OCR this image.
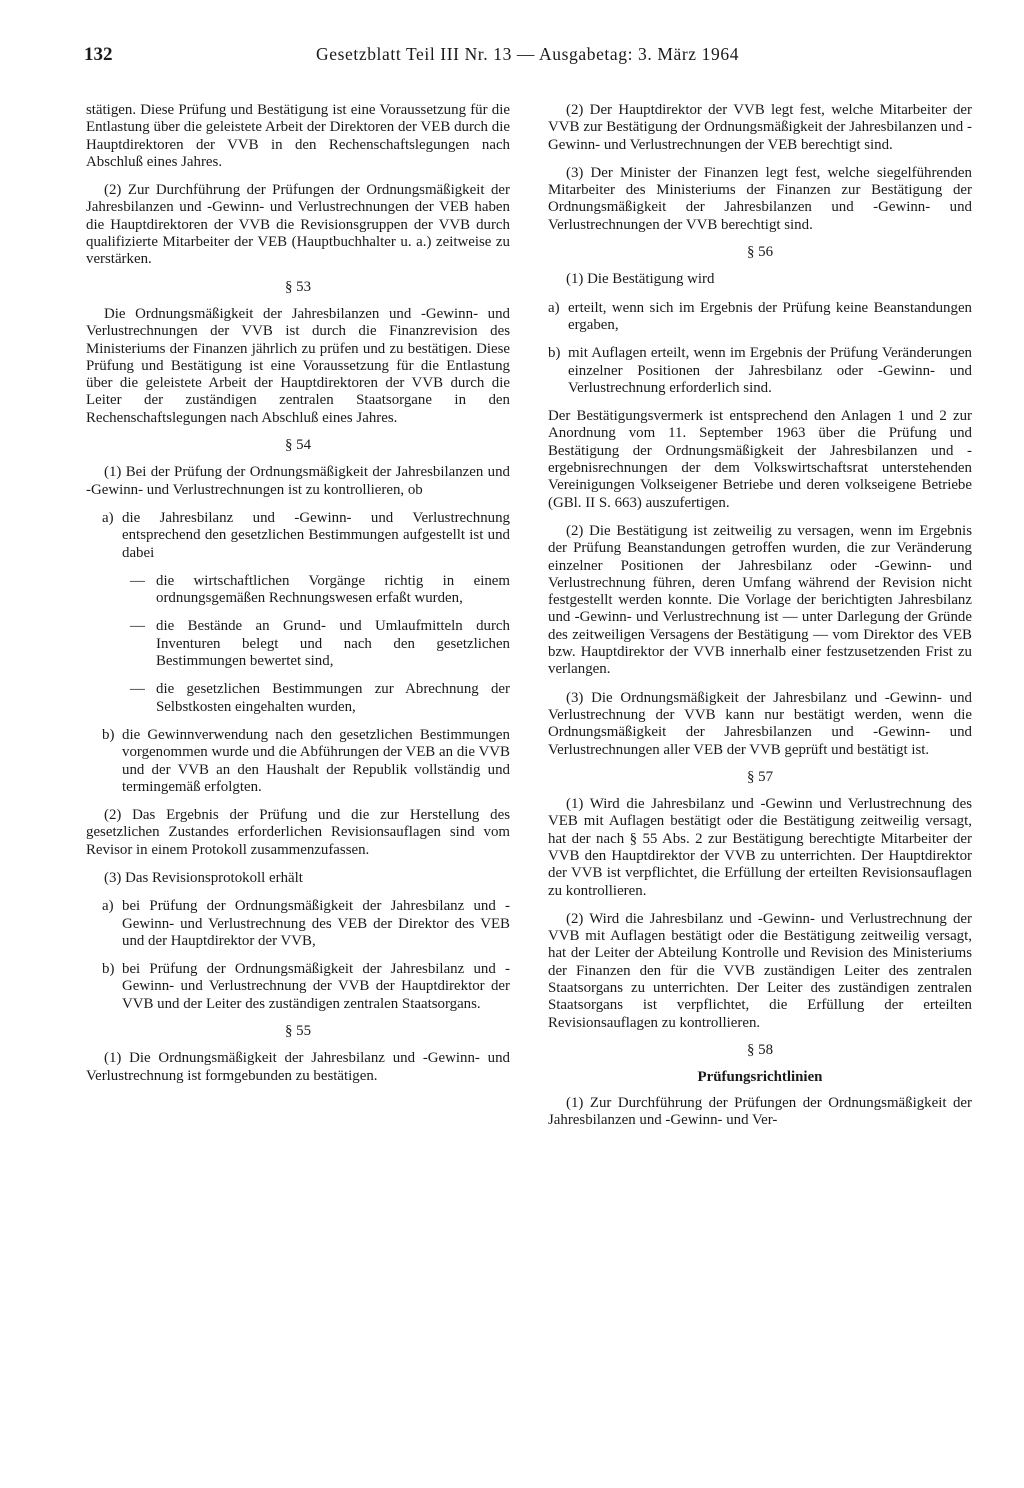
132	Gesetzblatt Teil III Nr. 13 — Ausgabetag: 3. März 1964

stätigen. Diese Prüfung und Bestätigung ist eine Voraussetzung für die Entlastung über die geleistete Arbeit der Direktoren der VEB durch die Hauptdirektoren der VVB in den Rechenschaftslegungen nach Abschluß eines Jahres.

(2) Zur Durchführung der Prüfungen der Ordnungsmäßigkeit der Jahresbilanzen und -Gewinn- und Verlustrechnungen der VEB haben die Hauptdirektoren der VVB die Revisionsgruppen der VVB durch qualifizierte Mitarbeiter der VEB (Hauptbuchhalter u. a.) zeitweise zu verstärken.

§ 53

Die Ordnungsmäßigkeit der Jahresbilanzen und -Gewinn- und Verlustrechnungen der VVB ist durch die Finanzrevision des Ministeriums der Finanzen jährlich zu prüfen und zu bestätigen. Diese Prüfung und Bestätigung ist eine Voraussetzung für die Entlastung über die geleistete Arbeit der Hauptdirektoren der VVB durch die Leiter der zuständigen zentralen Staatsorgane in den Rechenschaftslegungen nach Abschluß eines Jahres.

§ 54

(1) Bei der Prüfung der Ordnungsmäßigkeit der Jahresbilanzen und -Gewinn- und Verlustrechnungen ist zu kontrollieren, ob

a) die Jahresbilanz und -Gewinn- und Verlustrechnung entsprechend den gesetzlichen Bestimmungen aufgestellt ist und dabei
— die wirtschaftlichen Vorgänge richtig in einem ordnungsgemäßen Rechnungswesen erfaßt wurden,
— die Bestände an Grund- und Umlaufmitteln durch Inventuren belegt und nach den gesetzlichen Bestimmungen bewertet sind,
— die gesetzlichen Bestimmungen zur Abrechnung der Selbstkosten eingehalten wurden,
b) die Gewinnverwendung nach den gesetzlichen Bestimmungen vorgenommen wurde und die Abführungen der VEB an die VVB und der VVB an den Haushalt der Republik vollständig und termingemäß erfolgten.

(2) Das Ergebnis der Prüfung und die zur Herstellung des gesetzlichen Zustandes erforderlichen Revisionsauflagen sind vom Revisor in einem Protokoll zusammenzufassen.

(3) Das Revisionsprotokoll erhält

a) bei Prüfung der Ordnungsmäßigkeit der Jahresbilanz und -Gewinn- und Verlustrechnung des VEB der Direktor des VEB und der Hauptdirektor der VVB,
b) bei Prüfung der Ordnungsmäßigkeit der Jahresbilanz und -Gewinn- und Verlustrechnung der VVB der Hauptdirektor der VVB und der Leiter des zuständigen zentralen Staatsorgans.
§ 55

(1) Die Ordnungsmäßigkeit der Jahresbilanz und -Gewinn- und Verlustrechnung ist formgebunden zu bestätigen.

(2) Der Hauptdirektor der VVB legt fest, welche Mitarbeiter der VVB zur Bestätigung der Ordnungsmäßigkeit der Jahresbilanzen und -Gewinn- und Verlustrechnungen der VEB berechtigt sind.

(3) Der Minister der Finanzen legt fest, welche siegelführenden Mitarbeiter des Ministeriums der Finanzen zur Bestätigung der Ordnungsmäßigkeit der Jahresbilanzen und -Gewinn- und Verlustrechnungen der VVB berechtigt sind.

§ 56

(1) Die Bestätigung wird

a) erteilt, wenn sich im Ergebnis der Prüfung keine Beanstandungen ergaben,
b) mit Auflagen erteilt, wenn im Ergebnis der Prüfung Veränderungen einzelner Positionen der Jahresbilanz oder -Gewinn- und Verlustrechnung erforderlich sind.

Der Bestätigungsvermerk ist entsprechend den Anlagen 1 und 2 zur Anordnung vom 11. September 1963 über die Prüfung und Bestätigung der Ordnungsmäßigkeit der Jahresbilanzen und -ergebnisrechnungen der dem Volkswirtschaftsrat unterstehenden Vereinigungen Volkseigener Betriebe und deren volkseigene Betriebe (GBl. II S. 663) auszufertigen.

(2) Die Bestätigung ist zeitweilig zu versagen, wenn im Ergebnis der Prüfung Beanstandungen getroffen wurden, die zur Veränderung einzelner Positionen der Jahresbilanz oder -Gewinn- und Verlustrechnung führen, deren Umfang während der Revision nicht festgestellt werden konnte. Die Vorlage der berichtigten Jahresbilanz und -Gewinn- und Verlustrechnung ist — unter Darlegung der Gründe des zeitweiligen Versagens der Bestätigung — vom Direktor des VEB bzw. Hauptdirektor der VVB innerhalb einer festzusetzenden Frist zu verlangen.

(3) Die Ordnungsmäßigkeit der Jahresbilanz und -Gewinn- und Verlustrechnung der VVB kann nur bestätigt werden, wenn die Ordnungsmäßigkeit der Jahresbilanzen und -Gewinn- und Verlustrechnungen aller VEB der VVB geprüft und bestätigt ist.

§ 57

(1) Wird die Jahresbilanz und -Gewinn und Verlustrechnung des VEB mit Auflagen bestätigt oder die Bestätigung zeitweilig versagt, hat der nach § 55 Abs. 2 zur Bestätigung berechtigte Mitarbeiter der VVB den Hauptdirektor der VVB zu unterrichten. Der Hauptdirektor der VVB ist verpflichtet, die Erfüllung der erteilten Revisionsauflagen zu kontrollieren.

(2) Wird die Jahresbilanz und -Gewinn- und Verlustrechnung der VVB mit Auflagen bestätigt oder die Bestätigung zeitweilig versagt, hat der Leiter der Abteilung Kontrolle und Revision des Ministeriums der Finanzen den für die VVB zuständigen Leiter des zentralen Staatsorgans zu unterrichten. Der Leiter des zuständigen zentralen Staatsorgans ist verpflichtet, die Erfüllung der erteilten Revisionsauflagen zu kontrollieren.

§ 58
Prüfungsrichtlinien

(1) Zur Durchführung der Prüfungen der Ordnungsmäßigkeit der Jahresbilanzen und -Gewinn- und Ver-
